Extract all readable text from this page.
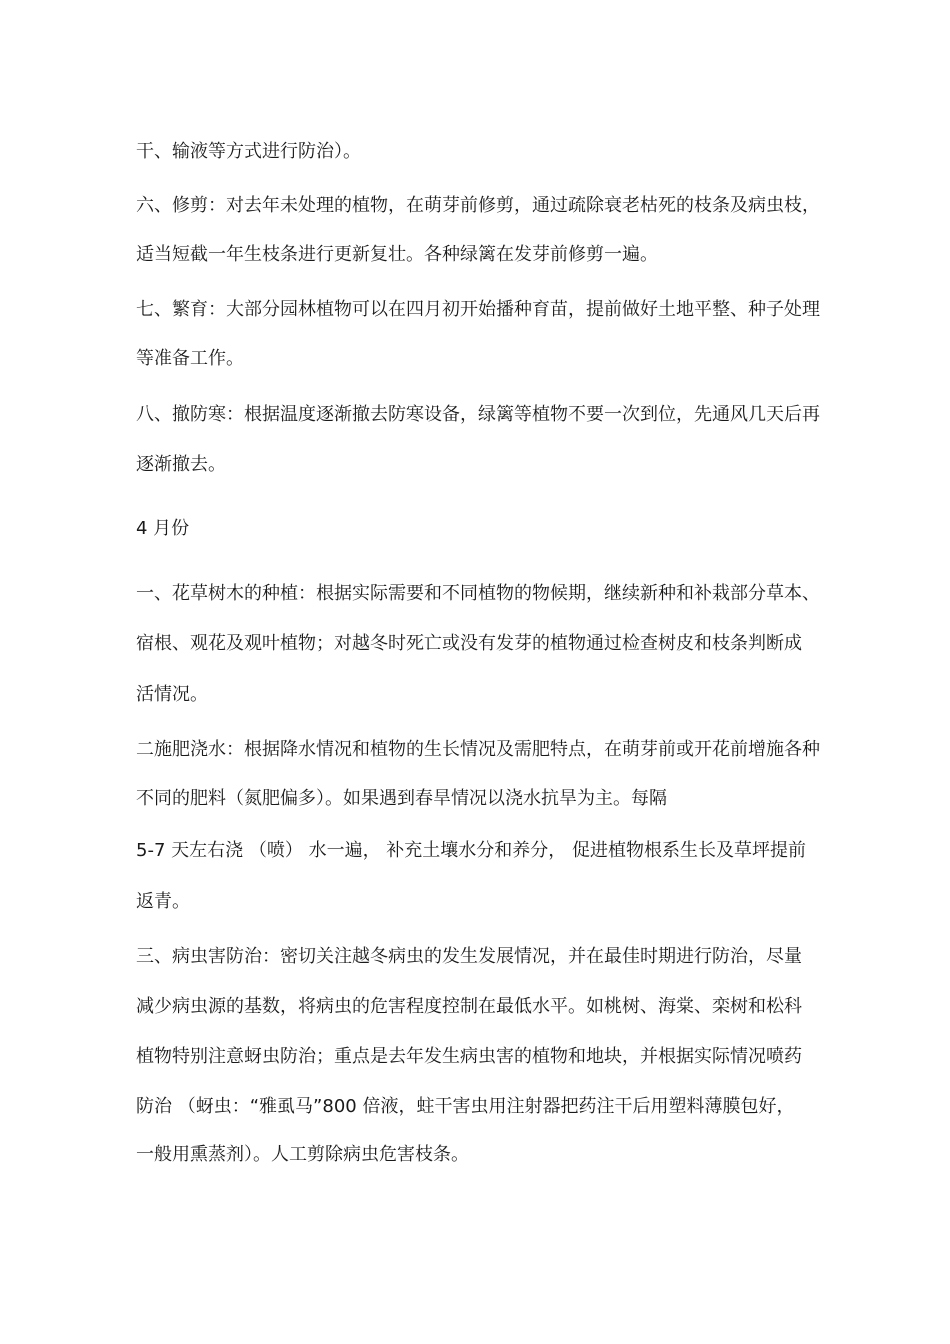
干、输液等方式进行防治）。
六、修剪：对去年未处理的植物，在萌芽前修剪，通过疏除衰老枯死的枝条及病虫枝，
适当短截一年生枝条进行更新复壮。各种绿篱在发芽前修剪一遍。
七、繁育：大部分园林植物可以在四月初开始播种育苗，提前做好土地平整、种子处理
等准备工作。
八、撤防寒：根据温度逐渐撤去防寒设备，绿篱等植物不要一次到位，先通风几天后再
逐渐撤去。
4 月份
一、花草树木的种植：根据实际需要和不同植物的物候期，继续新种和补栽部分草本、
宿根、观花及观叶植物；对越冬时死亡或没有发芽的植物通过检查树皮和枝条判断成
活情况。
二施肥浇水：根据降水情况和植物的生长情况及需肥特点，在萌芽前或开花前增施各种
不同的肥料（氮肥偏多）。如果遇到春旱情况以浇水抗旱为主。每隔
5-7 天左右浇 （喷） 水一遍， 补充土壤水分和养分， 促进植物根系生长及草坪提前
返青。
三、病虫害防治：密切关注越冬病虫的发生发展情况，并在最佳时期进行防治，尽量
减少病虫源的基数，将病虫的危害程度控制在最低水平。如桃树、海棠、栾树和松科
植物特别注意蚜虫防治；重点是去年发生病虫害的植物和地块，并根据实际情况喷药
防治 （蚜虫：“雅虱马”800 倍液，蛀干害虫用注射器把药注干后用塑料薄膜包好，
一般用熏蒸剂）。人工剪除病虫危害枝条。
